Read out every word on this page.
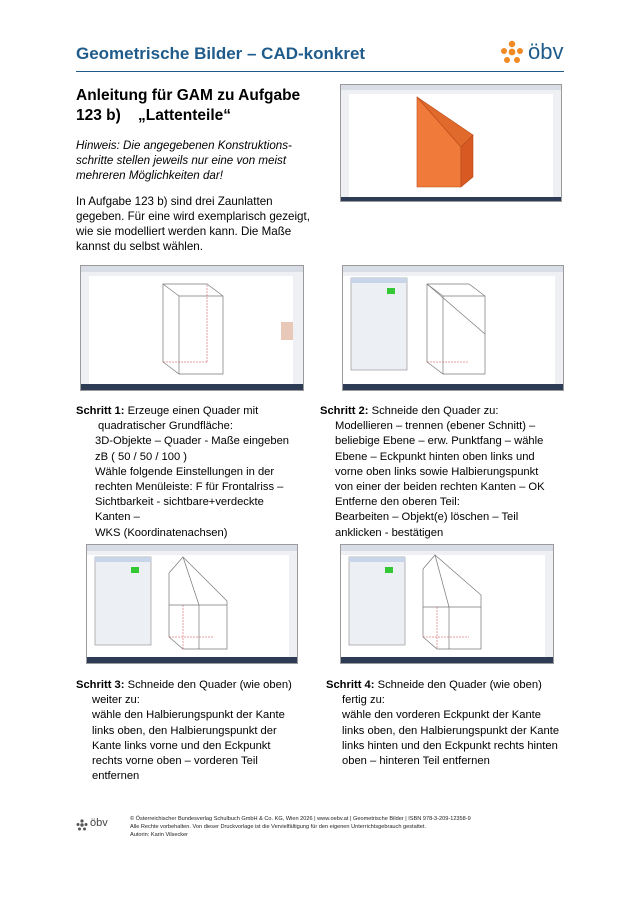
Geometrische Bilder – CAD-konkret	öbv
Anleitung für GAM zu Aufgabe
123 b)    „Lattenteile“
Hinweis: Die angegebenen Konstruktions-
schritte stellen jeweils nur eine von meist
mehreren Möglichkeiten dar!
In Aufgabe 123 b) sind drei Zaunlatten
gegeben. Für eine wird exemplarisch gezeigt,
wie sie modelliert werden kann. Die Maße
kannst du selbst wählen.
Schritt 1: Erzeuge einen Quader mit
quadratischer Grundfläche:
3D-Objekte – Quader - Maße eingeben
zB ( 50 / 50 / 100 )
Wähle folgende Einstellungen in der
rechten Menüleiste: F für Frontalriss –
Sichtbarkeit - sichtbare+verdeckte
Kanten –
WKS (Koordinatenachsen)
Schritt 2: Schneide den Quader zu:
Modellieren – trennen (ebener Schnitt) –
beliebige Ebene – erw. Punktfang – wähle
Ebene – Eckpunkt hinten oben links und
vorne oben links sowie Halbierungspunkt
von einer der beiden rechten Kanten – OK
Entferne den oberen Teil:
Bearbeiten – Objekt(e) löschen – Teil
anklicken - bestätigen
Schritt 3: Schneide den Quader (wie oben)
weiter zu:
wähle den Halbierungspunkt der Kante
links oben, den Halbierungspunkt der
Kante links vorne und den Eckpunkt
rechts vorne oben – vorderen Teil
entfernen
Schritt 4: Schneide den Quader (wie oben)
fertig zu:
wähle den vorderen Eckpunkt der Kante
links oben, den Halbierungspunkt der Kante
links hinten und den Eckpunkt rechts hinten
oben – hinteren Teil entfernen
öbv	© Österreichischer Bundesverlag Schulbuch GmbH & Co. KG, Wien 2026 | www.oebv.at | Geometrische Bilder | ISBN 978-3-209-12358-9
Alle Rechte vorbehalten. Von dieser Druckvorlage ist die Vervielfältigung für den eigenen Unterrichtsgebrauch gestattet.
Autorin: Karin Vilsecker
